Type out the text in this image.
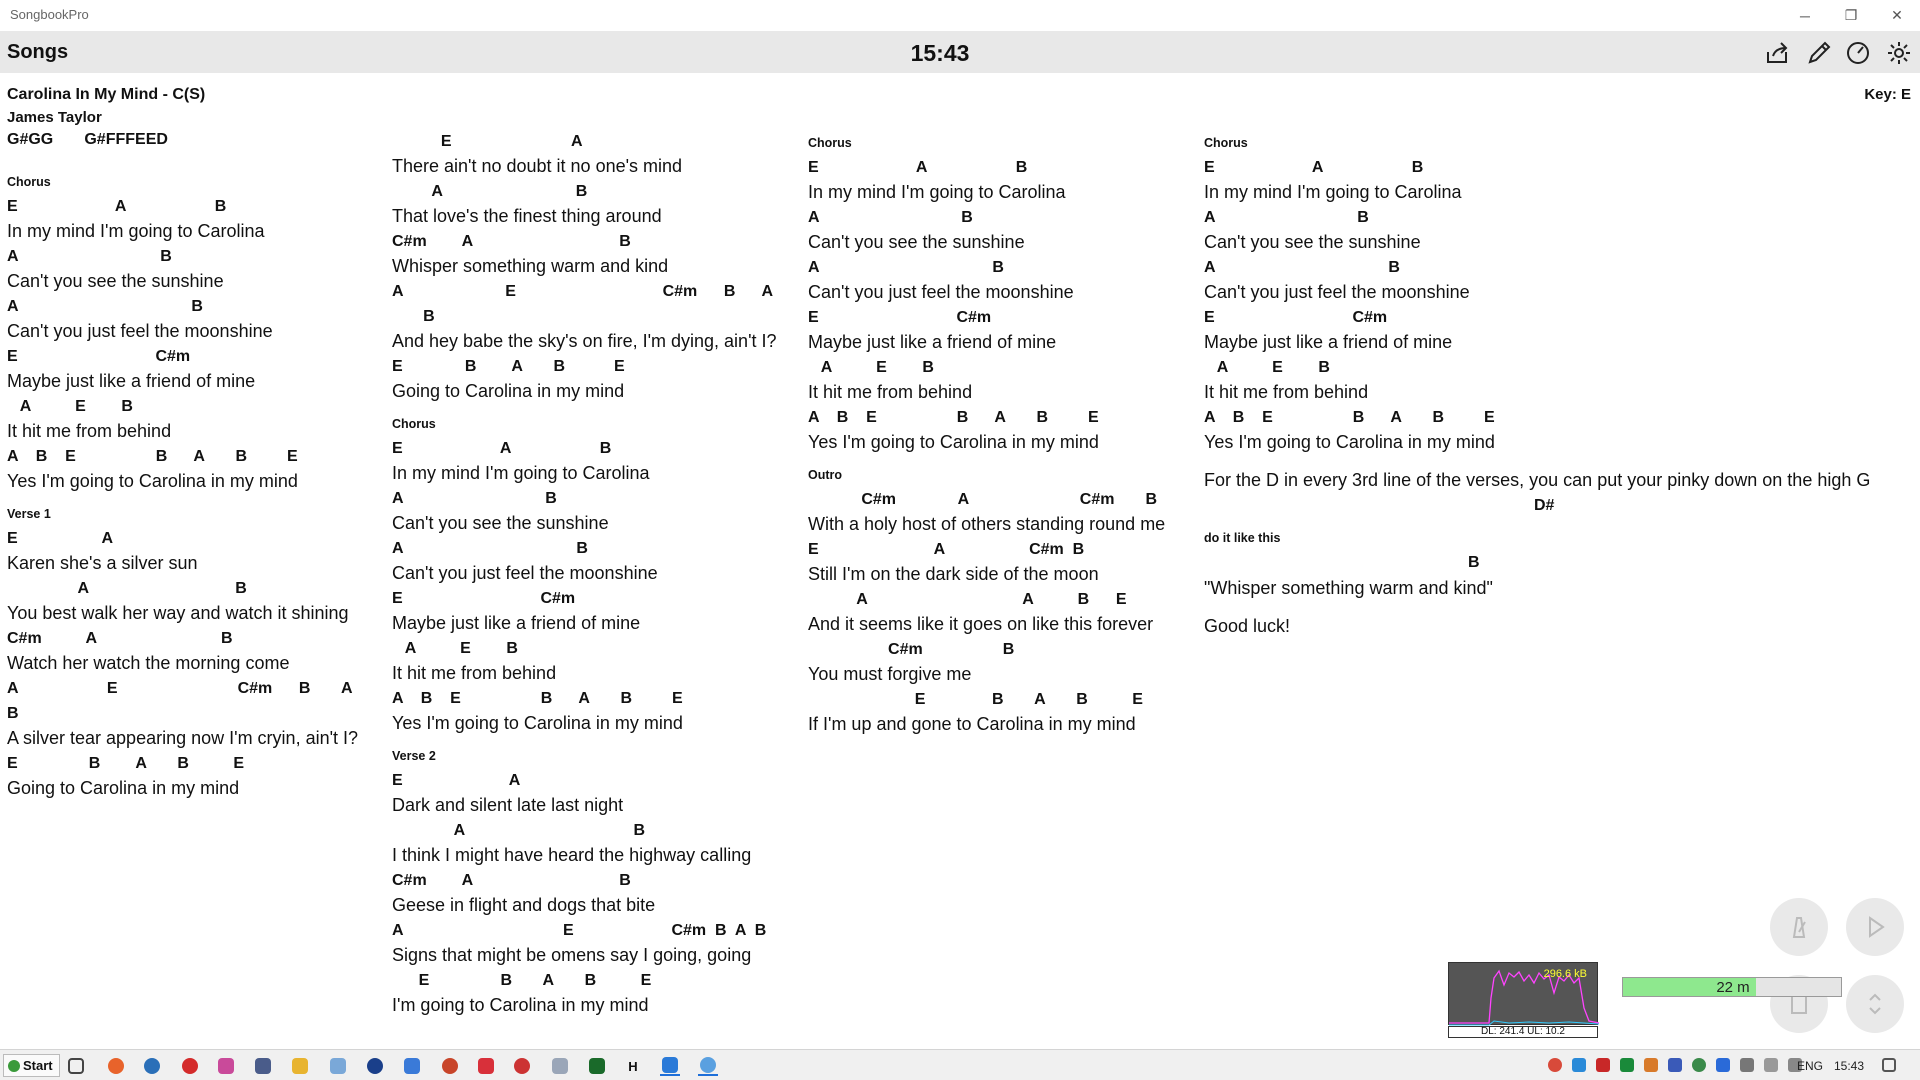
SongbookPro	─ ❐ ✕
Songs	15:43
Carolina In My Mind - C(S)
James Taylor
G#GG       G#FFFEED
Key: E
Chorus
E                      A                    B
In my mind I'm going to Carolina
A                                B
Can't you see the sunshine
A                                       B
Can't you just feel the moonshine
E                               C#m
Maybe just like a friend of mine
A          E        B
It hit me from behind
A    B    E                  B      A       B         E
Yes I'm going to Carolina in my mind
Verse 1
E                   A
Karen she's a silver sun
A                                 B
You best walk her way and watch it shining
C#m          A                            B
Watch her watch the morning come
A                    E                           C#m      B       A
B
A silver tear appearing now I'm cryin, ain't I?
E                B        A       B          E
Going to Carolina in my mind
E                           A
There ain't no doubt it no one's mind
A                              B
That love's the finest thing around
C#m        A                                 B
Whisper something warm and kind
A                       E                                 C#m      B      A
B
And hey babe the sky's on fire, I'm dying, ain't I?
E              B        A       B           E
Going to Carolina in my mind
Chorus
E                      A                    B
In my mind I'm going to Carolina
A                                B
Can't you see the sunshine
A                                       B
Can't you just feel the moonshine
E                               C#m
Maybe just like a friend of mine
A          E        B
It hit me from behind
A    B    E                  B      A       B         E
Yes I'm going to Carolina in my mind
Verse 2
E                        A
Dark and silent late last night
A                                      B
I think I might have heard the highway calling
C#m        A                                 B
Geese in flight and dogs that bite
A                                    E                      C#m  B  A  B
Signs that might be omens say I going, going
E                B       A       B          E
I'm going to Carolina in my mind
Chorus
E                      A                    B
In my mind I'm going to Carolina
A                                B
Can't you see the sunshine
A                                       B
Can't you just feel the moonshine
E                               C#m
Maybe just like a friend of mine
A          E        B
It hit me from behind
A    B    E                  B      A       B         E
Yes I'm going to Carolina in my mind
Outro
C#m              A                         C#m       B
With a holy host of others standing round me
E                          A                   C#m  B
Still I'm on the dark side of the moon
A                                   A          B      E
And it seems like it goes on like this forever
C#m                  B
You must forgive me
E               B       A       B          E
If I'm up and gone to Carolina in my mind
Chorus
E                      A                    B
In my mind I'm going to Carolina
A                                B
Can't you see the sunshine
A                                       B
Can't you just feel the moonshine
E                               C#m
Maybe just like a friend of mine
A          E        B
It hit me from behind
A    B    E                  B      A       B         E
Yes I'm going to Carolina in my mind
For the D in every 3rd line of the verses, you can put your pinky down on the high G
D#
do it like this
B
"Whisper something warm and kind"
Good luck!
296.6 kB
DL: 241.4 UL: 10.2
22 m
Start	H	ENG 15:43
